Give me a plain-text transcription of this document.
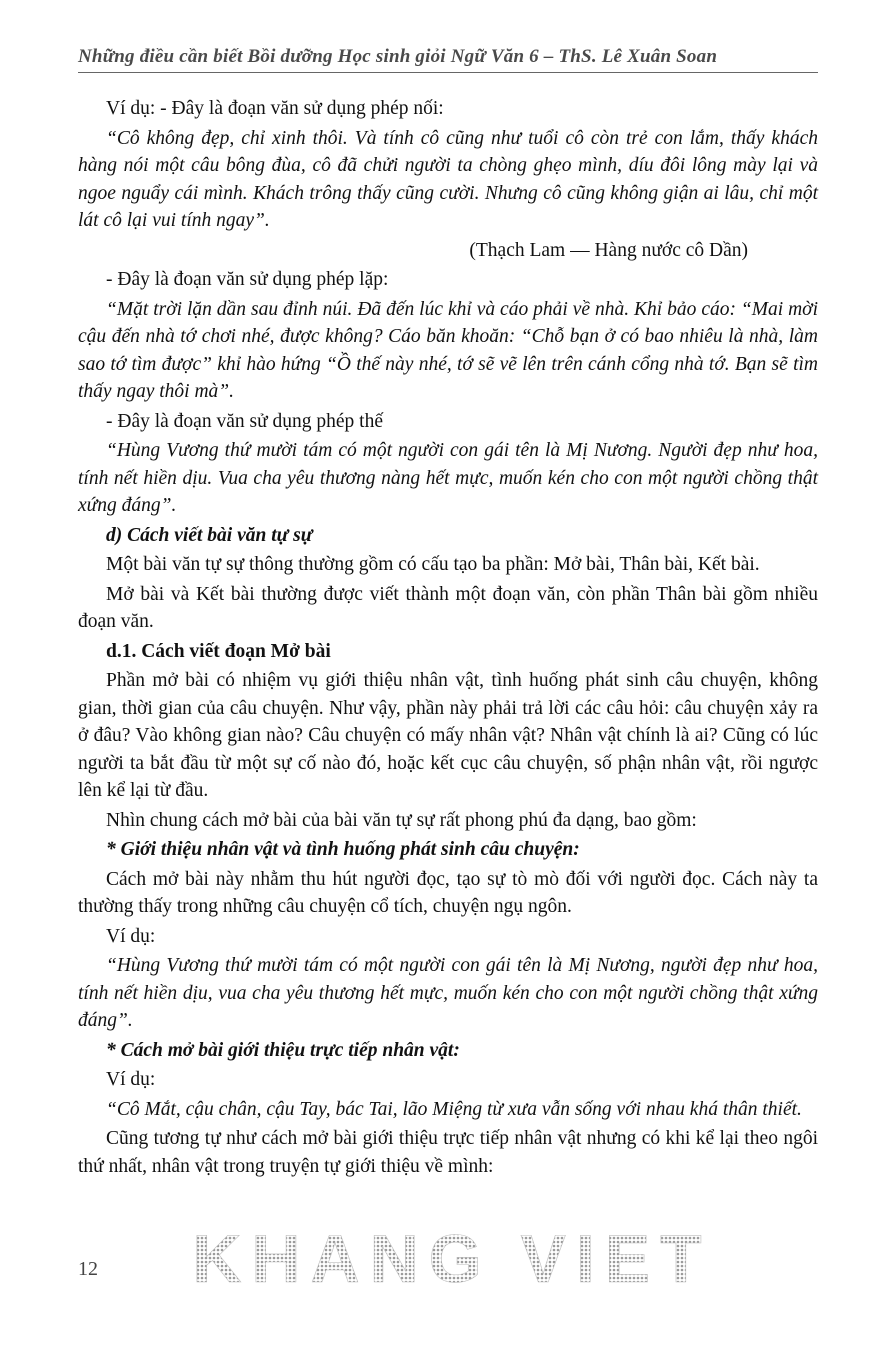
Những điều cần biết Bồi dưỡng Học sinh giỏi Ngữ Văn 6 – ThS. Lê Xuân Soan

Ví dụ: - Đây là đoạn văn sử dụng phép nối:

“Cô không đẹp, chỉ xinh thôi. Và tính cô cũng như tuổi cô còn trẻ con lắm, thấy khách hàng nói một câu bông đùa, cô đã chửi người ta chòng ghẹo mình, díu đôi lông mày lại và ngoe nguẩy cái mình. Khách trông thấy cũng cười. Nhưng cô cũng không giận ai lâu, chỉ một lát cô lại vui tính ngay”.

(Thạch Lam — Hàng nước cô Dần)

- Đây là đoạn văn sử dụng phép lặp:

“Mặt trời lặn dần sau đỉnh núi. Đã đến lúc khỉ và cáo phải về nhà. Khỉ bảo cáo: “Mai mời cậu đến nhà tớ chơi nhé, được không? Cáo băn khoăn: “Chỗ bạn ở có bao nhiêu là nhà, làm sao tớ tìm được” khỉ hào hứng “Ồ thế này nhé, tớ sẽ vẽ lên trên cánh cổng nhà tớ. Bạn sẽ tìm thấy ngay thôi mà”.

- Đây là đoạn văn sử dụng phép thế

“Hùng Vương thứ mười tám có một người con gái tên là Mị Nương. Người đẹp như hoa, tính nết hiền dịu. Vua cha yêu thương nàng hết mực, muốn kén cho con một người chồng thật xứng đáng”.

d) Cách viết bài văn tự sự

Một bài văn tự sự thông thường gồm có cấu tạo ba phần: Mở bài, Thân bài, Kết bài.

Mở bài và Kết bài thường được viết thành một đoạn văn, còn phần Thân bài gồm nhiều đoạn văn.

d.1. Cách viết đoạn Mở bài

Phần mở bài có nhiệm vụ giới thiệu nhân vật, tình huống phát sinh câu chuyện, không gian, thời gian của câu chuyện. Như vậy, phần này phải trả lời các câu hỏi: câu chuyện xảy ra ở đâu? Vào không gian nào? Câu chuyện có mấy nhân vật? Nhân vật chính là ai? Cũng có lúc người ta bắt đầu từ một sự cố nào đó, hoặc kết cục câu chuyện, số phận nhân vật, rồi ngược lên kể lại từ đầu.

Nhìn chung cách mở bài của bài văn tự sự rất phong phú đa dạng, bao gồm:

* Giới thiệu nhân vật và tình huống phát sinh câu chuyện:

Cách mở bài này nhằm thu hút người đọc, tạo sự tò mò đối với người đọc. Cách này ta thường thấy trong những câu chuyện cổ tích, chuyện ngụ ngôn.

Ví dụ:

“Hùng Vương thứ mười tám có một người con gái tên là Mị Nương, người đẹp như hoa, tính nết hiền dịu, vua cha yêu thương hết mực, muốn kén cho con một người chồng thật xứng đáng”.

* Cách mở bài giới thiệu trực tiếp nhân vật:

Ví dụ:

“Cô Mắt, cậu chân, cậu Tay, bác Tai, lão Miệng từ xưa vẫn sống với nhau khá thân thiết.

Cũng tương tự như cách mở bài giới thiệu trực tiếp nhân vật nhưng có khi kể lại theo ngôi thứ nhất, nhân vật trong truyện tự giới thiệu về mình:

12 KHANG VIET
